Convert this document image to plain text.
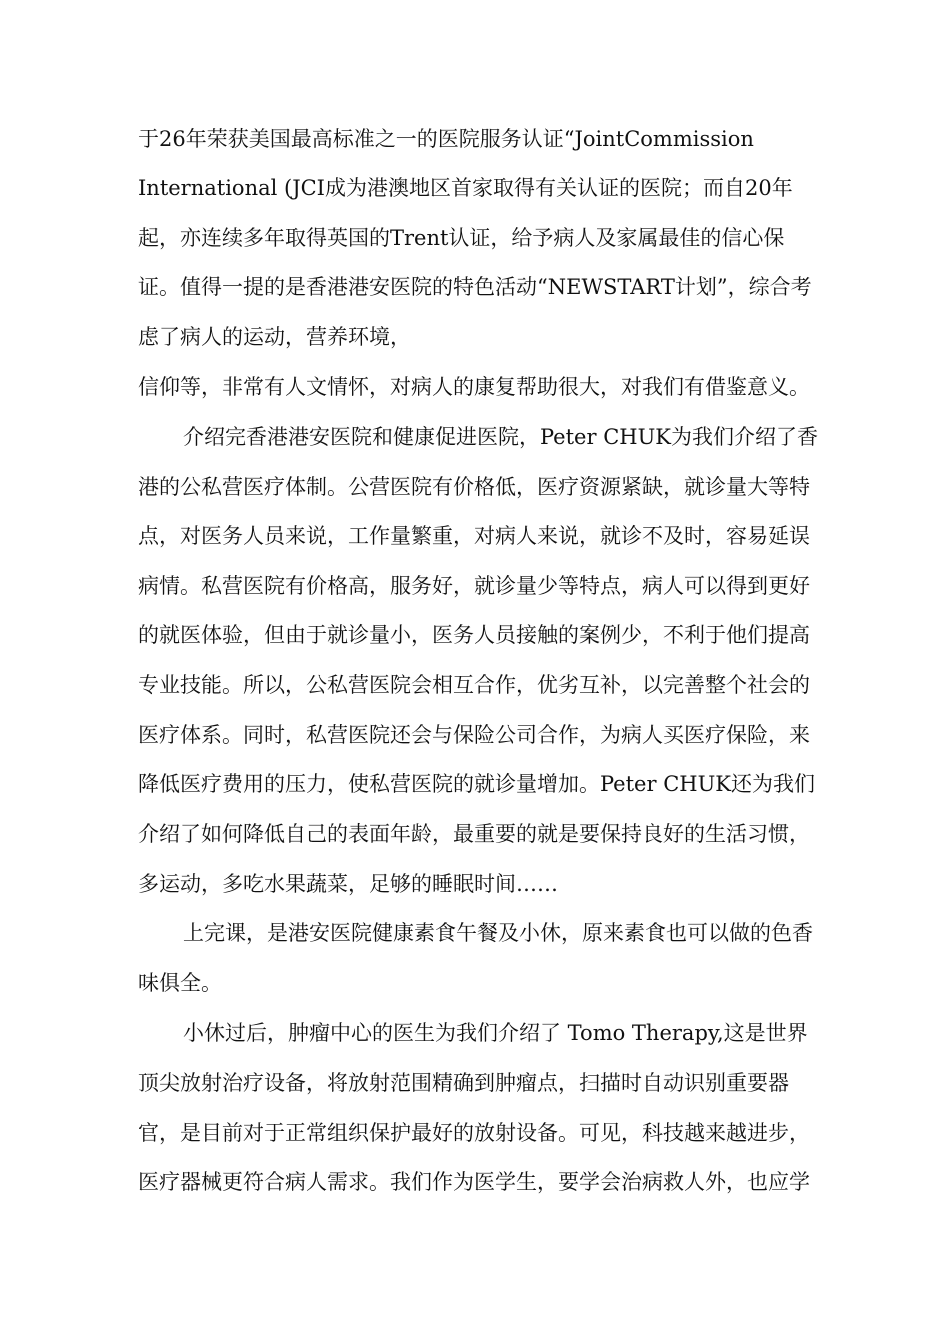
于26年荣获美国最高标准之一的医院服务认证“JointCommission
International (JCI成为港澳地区首家取得有关认证的医院；而自20年
起，亦连续多年取得英国的Trent认证，给予病人及家属最佳的信心保
证。值得一提的是香港港安医院的特色活动“NEWSTART计划”，综合考
虑了病人的运动，营养环境，
信仰等，非常有人文情怀，对病人的康复帮助很大，对我们有借鉴意义。
介绍完香港港安医院和健康促进医院，Peter CHUK为我们介绍了香
港的公私营医疗体制。公营医院有价格低，医疗资源紧缺，就诊量大等特
点，对医务人员来说，工作量繁重，对病人来说，就诊不及时，容易延误
病情。私营医院有价格高，服务好，就诊量少等特点，病人可以得到更好
的就医体验，但由于就诊量小，医务人员接触的案例少，不利于他们提高
专业技能。所以，公私营医院会相互合作，优劣互补，以完善整个社会的
医疗体系。同时，私营医院还会与保险公司合作，为病人买医疗保险，来
降低医疗费用的压力，使私营医院的就诊量增加。Peter CHUK还为我们
介绍了如何降低自己的表面年龄，最重要的就是要保持良好的生活习惯，
多运动，多吃水果蔬菜，足够的睡眠时间……
上完课，是港安医院健康素食午餐及小休，原来素食也可以做的色香
味俱全。
小休过后，肿瘤中心的医生为我们介绍了 Tomo Therapy,这是世界
顶尖放射治疗设备，将放射范围精确到肿瘤点，扫描时自动识别重要器
官，是目前对于正常组织保护最好的放射设备。可见，科技越来越进步，
医疗器械更符合病人需求。我们作为医学生，要学会治病救人外，也应学
